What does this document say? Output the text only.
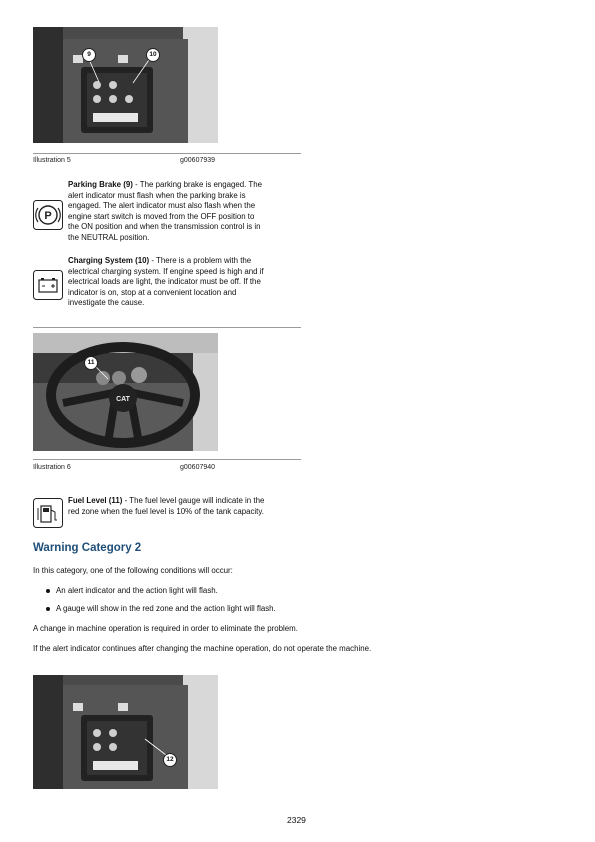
9	10
Illustration 5	g00607939
P
Parking Brake (9) - The parking brake is engaged. The
alert indicator must flash when the parking brake is
engaged. The alert indicator must also flash when the
engine start switch is moved from the OFF position to
the ON position and when the transmission control is in
the NEUTRAL position.
Charging System (10) - There is a problem with the
electrical charging system. If engine speed is high and if
electrical loads are light, the indicator must be off. If the
indicator is on, stop at a convenient location and
investigate the cause.
CAT
11
Illustration 6	g00607940
Fuel Level (11) - The fuel level gauge will indicate in the
red zone when the fuel level is 10% of the tank capacity.
Warning Category 2
In this category, one of the following conditions will occur:
An alert indicator and the action light will flash.
A gauge will show in the red zone and the action light will flash.
A change in machine operation is required in order to eliminate the problem.
If the alert indicator continues after changing the machine operation, do not operate the machine.
12
2329
